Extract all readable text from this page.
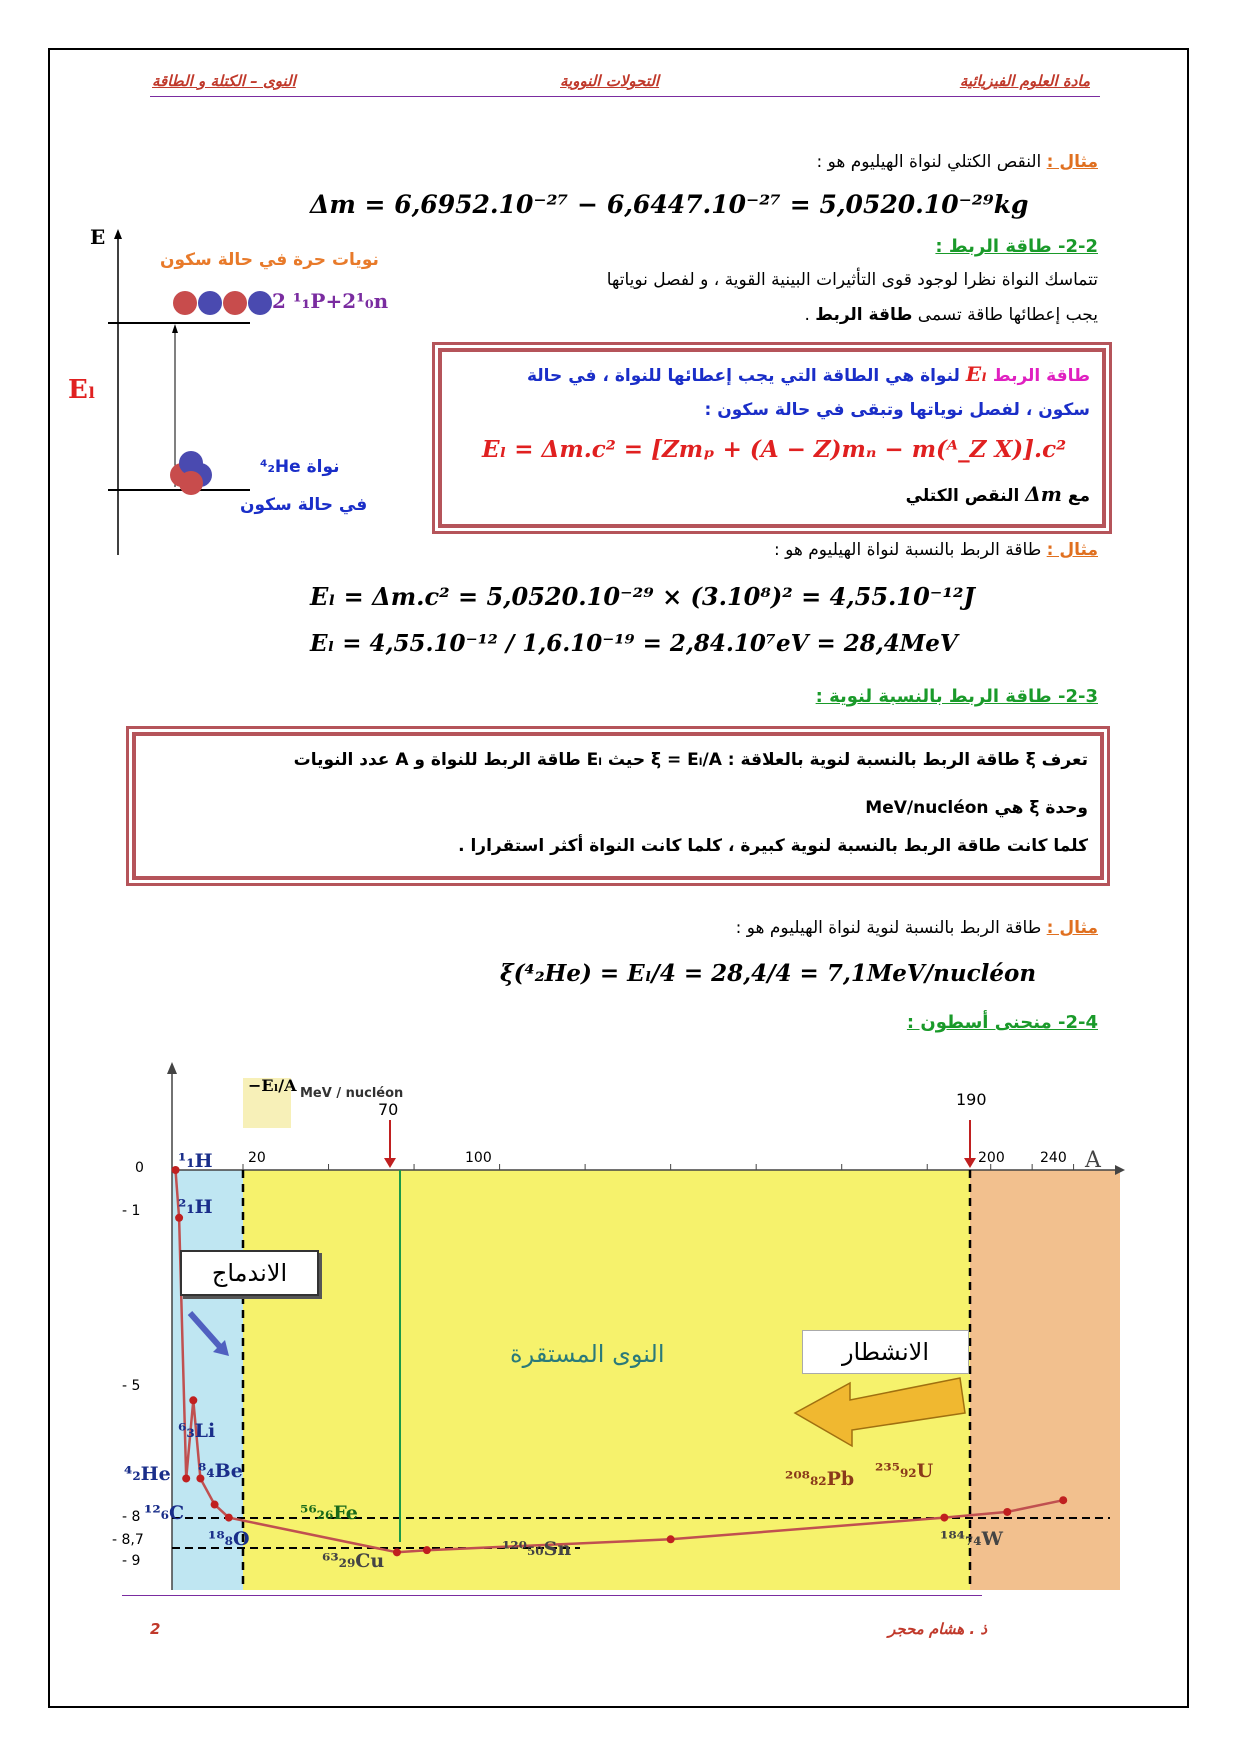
مادة العلوم الفيزيائية
التحولات النووية
النوى – الكتلة و الطاقة
مثال : النقص الكتلي لنواة الهيليوم هو :
Δm = 6,6952.10⁻²⁷ − 6,6447.10⁻²⁷ = 5,0520.10⁻²⁹kg
2-2- طاقة الربط :
تتماسك النواة نظرا لوجود قوى التأثيرات البينية القوية ، و لفصل نوياتها
يجب إعطائها طاقة تسمى طاقة الربط .
E
نويات حرة في حالة سكون
2 ¹₁P+2¹₀n
Eₗ
نواة ⁴₂He
في حالة سكون
طاقة الربط Eₗ لنواة هي الطاقة التي يجب إعطائها للنواة ، في حالة
سكون ، لفصل نوياتها وتبقى في حالة سكون :
Eₗ = Δm.c² = [Zmₚ + (A − Z)mₙ − m(ᴬ_Z X)].c²
مع Δm النقص الكتلي
مثال : طاقة الربط بالنسبة لنواة الهيليوم هو :
Eₗ = Δm.c² = 5,0520.10⁻²⁹ × (3.10⁸)² = 4,55.10⁻¹²J
Eₗ = 4,55.10⁻¹² / 1,6.10⁻¹⁹ = 2,84.10⁷eV = 28,4MeV
2-3- طاقة الربط بالنسبة لنوية :
تعرف ξ طاقة الربط بالنسبة لنوية بالعلاقة : ξ = Eₗ/A حيث Eₗ طاقة الربط للنواة و A عدد النويات
وحدة ξ هي MeV/nucléon
كلما كانت طاقة الربط بالنسبة لنوية كبيرة ، كلما كانت النواة أكثر استقرارا .
مثال : طاقة الربط بالنسبة لنوية لنواة الهيليوم هو :
ξ(⁴₂He) = Eₗ/4 = 28,4/4 = 7,1MeV/nucléon
2-4- منحنى أسطون :
−Eₗ/A MeV / nucléon
A
20	100	200	240
70
190
0
- 1
- 5
- 8
- 8,7
- 9
الاندماج
النوى المستقرة	الانشطار
¹₁H
²₁H
⁶₃Li
⁴₂He ⁸₄Be
¹²₆C
¹⁸₈O
⁵⁶₂₆Fe
⁶³₂₉Cu
¹²⁰₅₀Sn	¹⁸⁴₇₄W
²⁰⁸₈₂Pb ²³⁵₉₂U
ذ . هشام محجر
2
